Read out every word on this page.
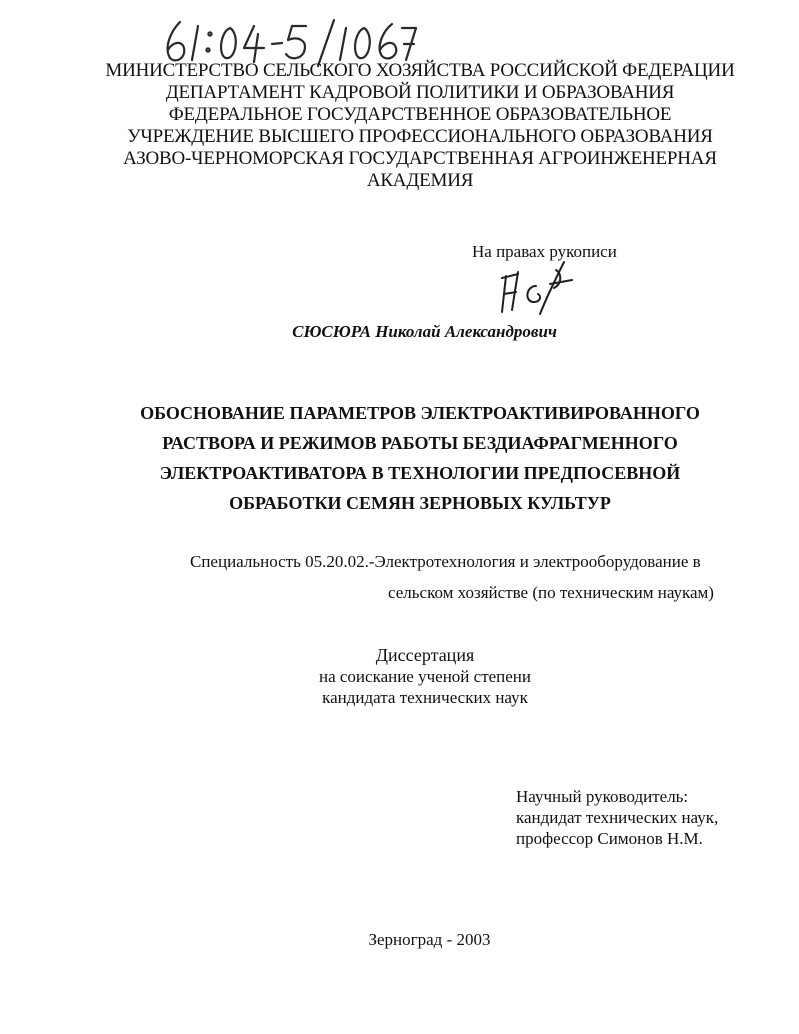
МИНИСТЕРСТВО СЕЛЬСКОГО ХОЗЯЙСТВА РОССИЙСКОЙ ФЕДЕРАЦИИ
ДЕПАРТАМЕНТ КАДРОВОЙ ПОЛИТИКИ И ОБРАЗОВАНИЯ
ФЕДЕРАЛЬНОЕ ГОСУДАРСТВЕННОЕ ОБРАЗОВАТЕЛЬНОЕ
УЧРЕЖДЕНИЕ ВЫСШЕГО ПРОФЕССИОНАЛЬНОГО ОБРАЗОВАНИЯ
АЗОВО-ЧЕРНОМОРСКАЯ ГОСУДАРСТВЕННАЯ АГРОИНЖЕНЕРНАЯ
АКАДЕМИЯ
На правах рукописи
СЮСЮРА Николай Александрович
ОБОСНОВАНИЕ ПАРАМЕТРОВ ЭЛЕКТРОАКТИВИРОВАННОГО
РАСТВОРА И РЕЖИМОВ РАБОТЫ БЕЗДИАФРАГМЕННОГО
ЭЛЕКТРОАКТИВАТОРА В ТЕХНОЛОГИИ ПРЕДПОСЕВНОЙ
ОБРАБОТКИ СЕМЯН ЗЕРНОВЫХ КУЛЬТУР
Специальность 05.20.02.-Электротехнология и электрооборудование в
сельском хозяйстве (по техническим наукам)
Диссертация
на соискание ученой степени
кандидата технических наук
Научный руководитель:
кандидат технических наук,
профессор Симонов Н.М.
Зерноград - 2003
